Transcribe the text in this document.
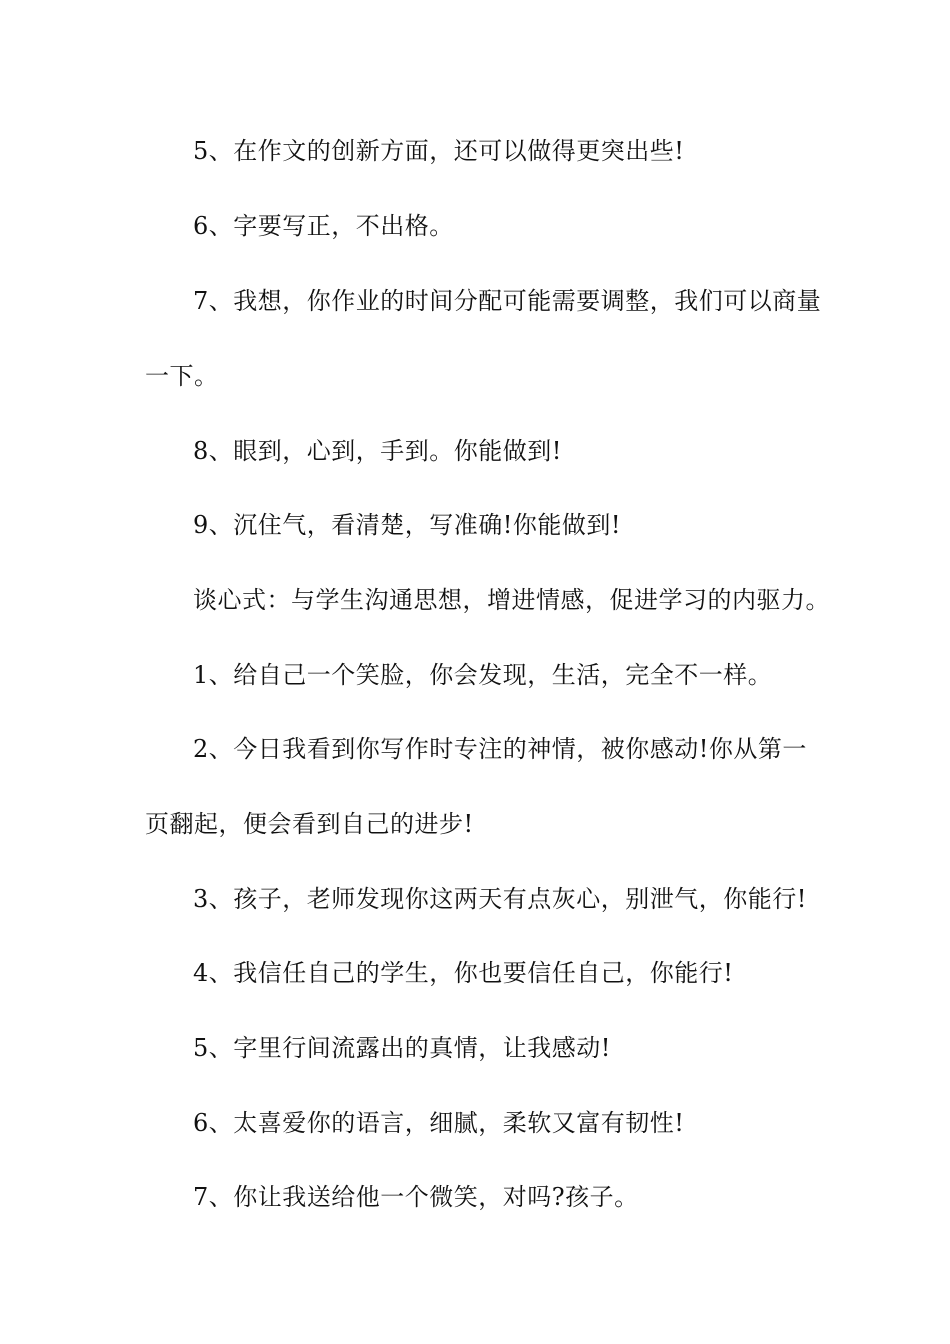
5、在作文的创新方面，还可以做得更突出些!
6、字要写正，不出格。
7、我想，你作业的时间分配可能需要调整，我们可以商量
一下。
8、眼到，心到，手到。你能做到!
9、沉住气，看清楚，写准确!你能做到!
谈心式：与学生沟通思想，增进情感，促进学习的内驱力。
1、给自己一个笑脸，你会发现，生活，完全不一样。
2、今日我看到你写作时专注的神情，被你感动!你从第一
页翻起，便会看到自己的进步!
3、孩子，老师发现你这两天有点灰心，别泄气，你能行!
4、我信任自己的学生，你也要信任自己，你能行!
5、字里行间流露出的真情，让我感动!
6、太喜爱你的语言，细腻，柔软又富有韧性!
7、你让我送给他一个微笑，对吗?孩子。
